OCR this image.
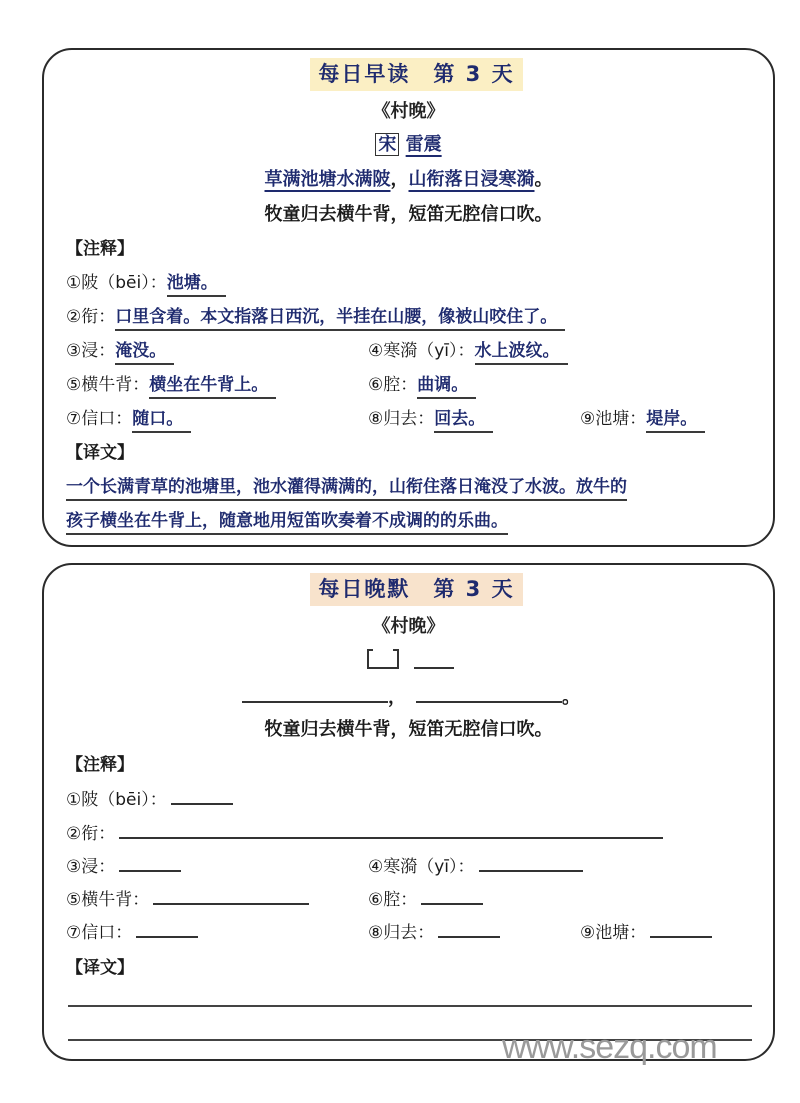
每日早读　第 3 天
《村晚》
宋 雷震
草满池塘水满陂，山衔落日浸寒漪。
牧童归去横牛背，短笛无腔信口吹。
【注释】
①陂（bēi）：池塘。
②衔：口里含着。本文指落日西沉，半挂在山腰，像被山咬住了。
③浸：淹没。	④寒漪（yī）：水上波纹。
⑤横牛背：横坐在牛背上。	⑥腔：曲调。
⑦信口：随口。	⑧归去：回去。	⑨池塘：堤岸。
【译文】
一个长满青草的池塘里，池水灌得满满的，山衔住落日淹没了水波。放牛的
孩子横坐在牛背上，随意地用短笛吹奏着不成调的的乐曲。
每日晚默　第 3 天
《村晚》

，	。
牧童归去横牛背，短笛无腔信口吹。
【注释】
①陂（bēi）：
②衔：
③浸：	④寒漪（yī）：
⑤横牛背：	⑥腔：
⑦信口：	⑧归去：	⑨池塘：
【译文】
www.sezq.com
